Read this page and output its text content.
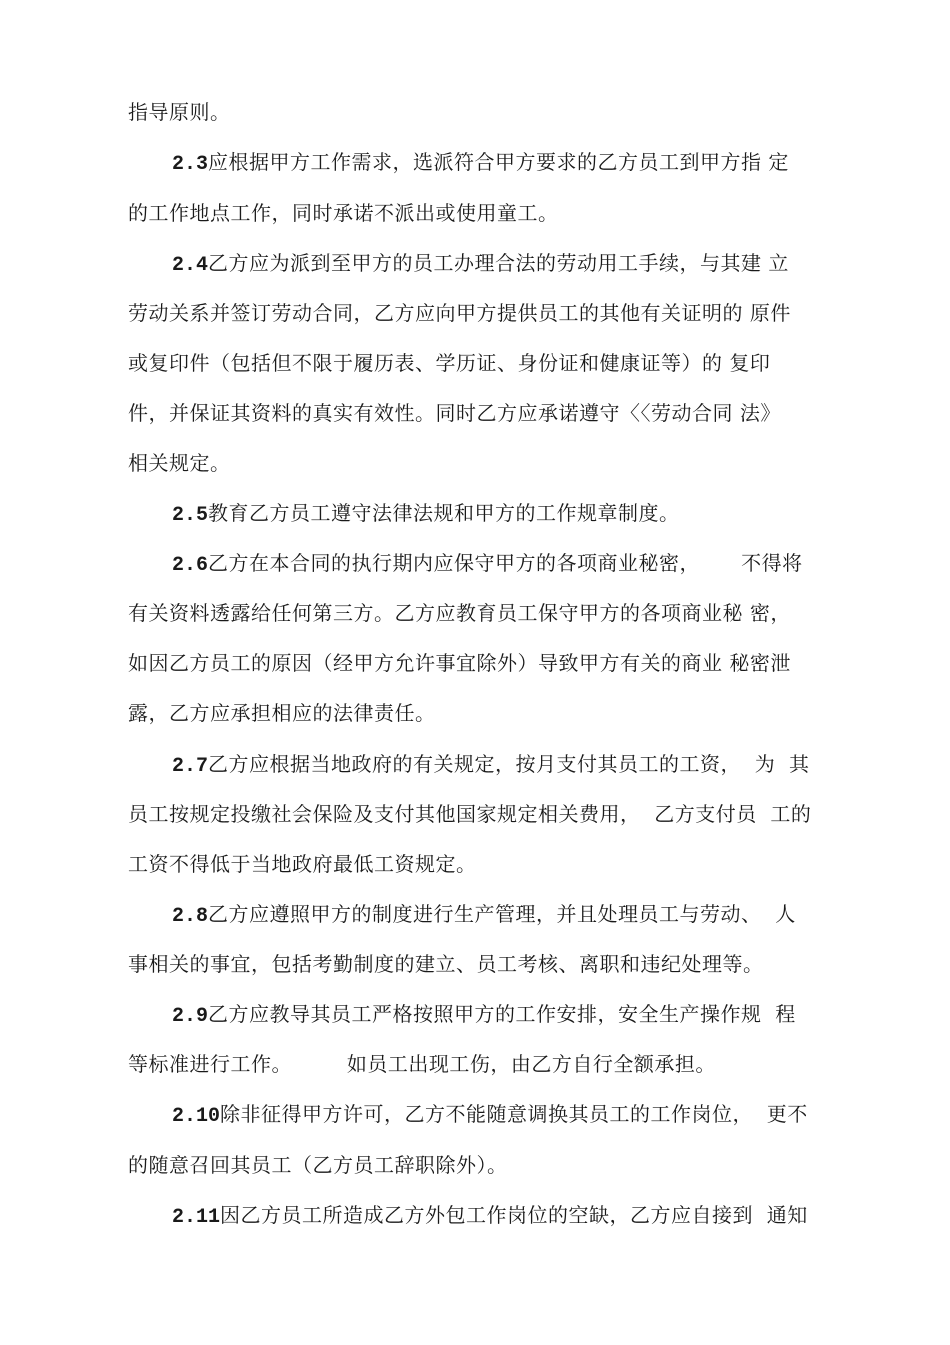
指导原则。
2.3应根据甲方工作需求，选派符合甲方要求的乙方员工到甲方指 定
的工作地点工作，同时承诺不派出或使用童工。
2.4乙方应为派到至甲方的员工办理合法的劳动用工手续，与其建 立
劳动关系并签订劳动合同，乙方应向甲方提供员工的其他有关证明的 原件
或复印件（包括但不限于履历表、学历证、身份证和健康证等）的 复印
件，并保证其资料的真实有效性。同时乙方应承诺遵守〈〈劳动合同 法》
相关规定。
2.5教育乙方员工遵守法律法规和甲方的工作规章制度。
2.6乙方在本合同的执行期内应保守甲方的各项商业秘密，      不得将
有关资料透露给任何第三方。乙方应教育员工保守甲方的各项商业秘 密，
如因乙方员工的原因（经甲方允许事宜除外）导致甲方有关的商业 秘密泄
露，乙方应承担相应的法律责任。
2.7乙方应根据当地政府的有关规定，按月支付其员工的工资，  为  其
员工按规定投缴社会保险及支付其他国家规定相关费用，  乙方支付员  工的
工资不得低于当地政府最低工资规定。
2.8乙方应遵照甲方的制度进行生产管理，并且处理员工与劳动、  人
事相关的事宜，包括考勤制度的建立、员工考核、离职和违纪处理等。
2.9乙方应教导其员工严格按照甲方的工作安排，安全生产操作规  程
等标准进行工作。        如员工出现工伤，由乙方自行全额承担。
2.10除非征得甲方许可，乙方不能随意调换其员工的工作岗位，  更不
的随意召回其员工（乙方员工辞职除外）。
2.11因乙方员工所造成乙方外包工作岗位的空缺，乙方应自接到  通知
